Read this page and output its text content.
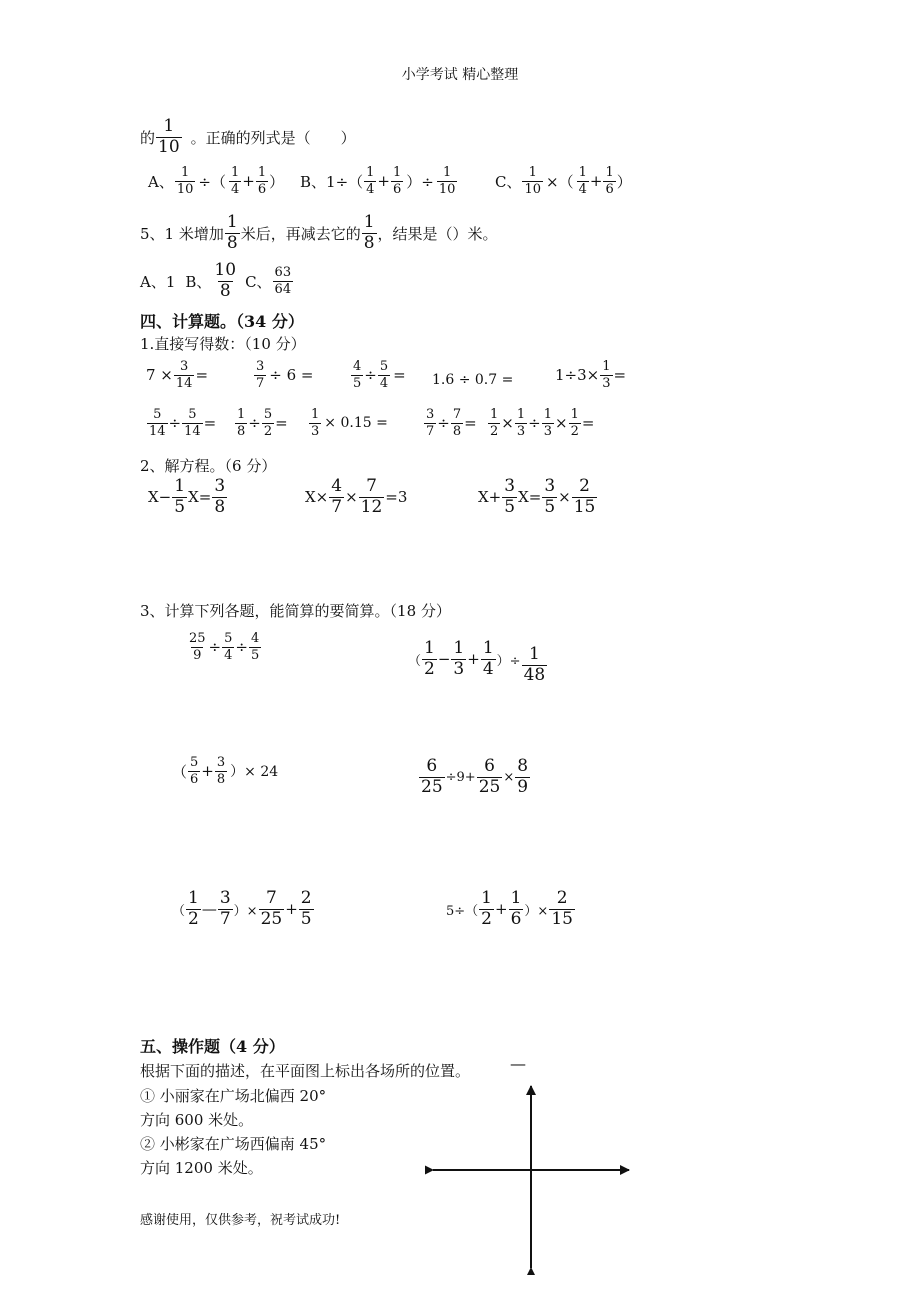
小学考试 精心整理
的
1
10 。正确的列式是（　　）
A、 $\frac{1}{10}$ ÷（
1
$4 + \frac{1}{6}$ ） B、1÷（
1
$4 + \frac{1}{6}$ ）÷ $\frac{1}{10}$	C、 $\frac{1}{10}$ ×（
1
$4 + \frac{1}{6}$ ）
5、1 米增加
1
8 米后，再减去它的
1
8 ，结果是（）米。
A、1 B、
10
8 C、
63
64
四、计算题。（34 分）
1.直接写得数：（10 分）
$7 \times \frac{3}{14}$ =	$\frac{3}{7} \div 6$ =	$\frac{4}{5} \div \frac{5}{4} = 1.6 \div 0.7$ =	$1\div 3\times \frac{1}{3}$ =
$\frac{5}{14} \div \frac{5}{14} = \frac{1}{8} \div \frac{5}{2} = \frac{1}{3} \times 0.15$ =	$\frac{3}{7} \div \frac{7}{8} = \frac{1}{2} \times \frac{1}{3} \div \frac{1}{3} \times \frac{1}{2}$ =
2、解方程。（6 分）
$X- \frac{1}{5} X= \frac{3}{8}$	$X\times \frac{4}{7} \times \frac{7}{12} =3$	$X+ \frac{3}{5} X= \frac{3}{5} \times \frac{2}{15}$
3、计算下列各题，能简算的要简算。（18 分）
$\frac{25}{9} \div \frac{5}{4} \div \frac{4}{5}$	（
1
$2 - \frac{1}{3} + \frac{1}{4}$ ）÷ $\frac{1}{48}$
（
5
$6 + \frac{3}{8}$ ）× 24	$\frac{6}{25} \div 9+ \frac{6}{25} \times \frac{8}{9}$
（
1
2 —
3
7 ）× $\frac{7}{25} + \frac{2}{5}$	5÷（
1
$2 + \frac{1}{6}$ ）× $\frac{2}{15}$
五、操作题（4 分）
根据下面的描述，在平面图上标出各场所的位置。 —
① 小丽家在广场北偏西 20°
方向 600 米处。
② 小彬家在广场西偏南 45°
方向 1200 米处。
感谢使用，仅供参考，祝考试成功!
